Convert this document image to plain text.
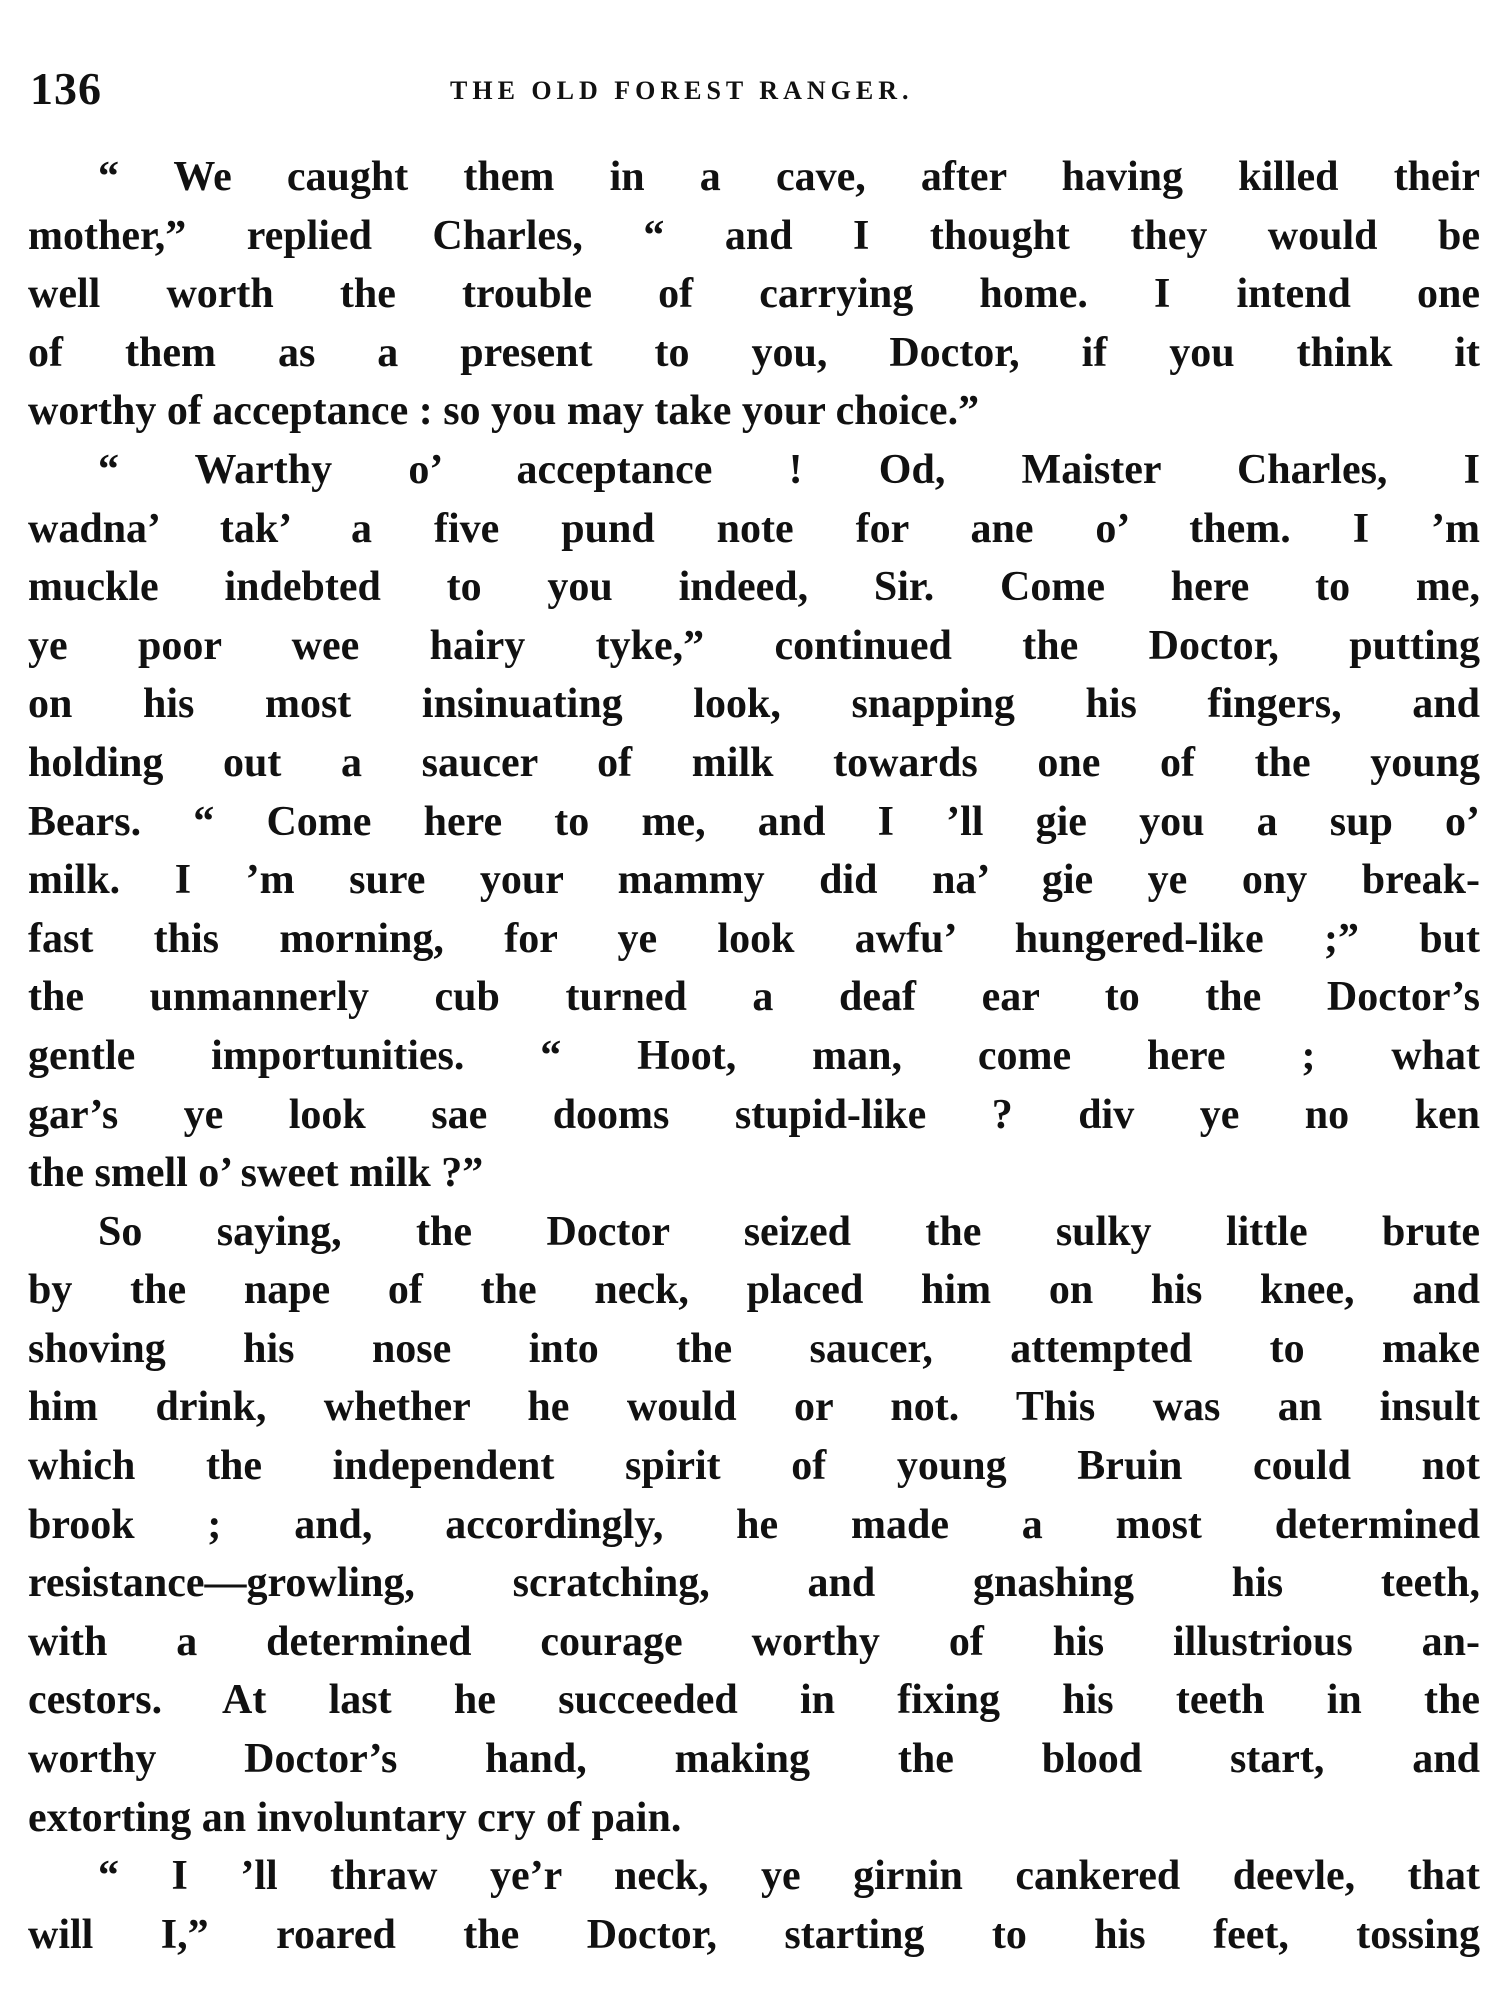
136	THE OLD FOREST RANGER.
“ We caught them in a cave, after having killed their
mother,” replied Charles, “ and I thought they would be
well worth the trouble of carrying home. I intend one
of them as a present to you, Doctor, if you think it
worthy of acceptance : so you may take your choice.”
“ Warthy o’ acceptance ! Od, Maister Charles, I
wadna’ tak’ a five pund note for ane o’ them. I ’m
muckle indebted to you indeed, Sir. Come here to me,
ye poor wee hairy tyke,” continued the Doctor, putting
on his most insinuating look, snapping his fingers, and
holding out a saucer of milk towards one of the young
Bears. “ Come here to me, and I ’ll gie you a sup o’
milk. I ’m sure your mammy did na’ gie ye ony break-
fast this morning, for ye look awfu’ hungered-like ;” but
the unmannerly cub turned a deaf ear to the Doctor’s
gentle importunities. “ Hoot, man, come here ; what
gar’s ye look sae dooms stupid-like ? div ye no ken
the smell o’ sweet milk ?”
So saying, the Doctor seized the sulky little brute
by the nape of the neck, placed him on his knee, and
shoving his nose into the saucer, attempted to make
him drink, whether he would or not. This was an insult
which the independent spirit of young Bruin could not
brook ; and, accordingly, he made a most determined
resistance—growling, scratching, and gnashing his teeth,
with a determined courage worthy of his illustrious an-
cestors. At last he succeeded in fixing his teeth in the
worthy Doctor’s hand, making the blood start, and
extorting an involuntary cry of pain.
“ I ’ll thraw ye’r neck, ye girnin cankered deevle, that
will I,” roared the Doctor, starting to his feet, tossing
